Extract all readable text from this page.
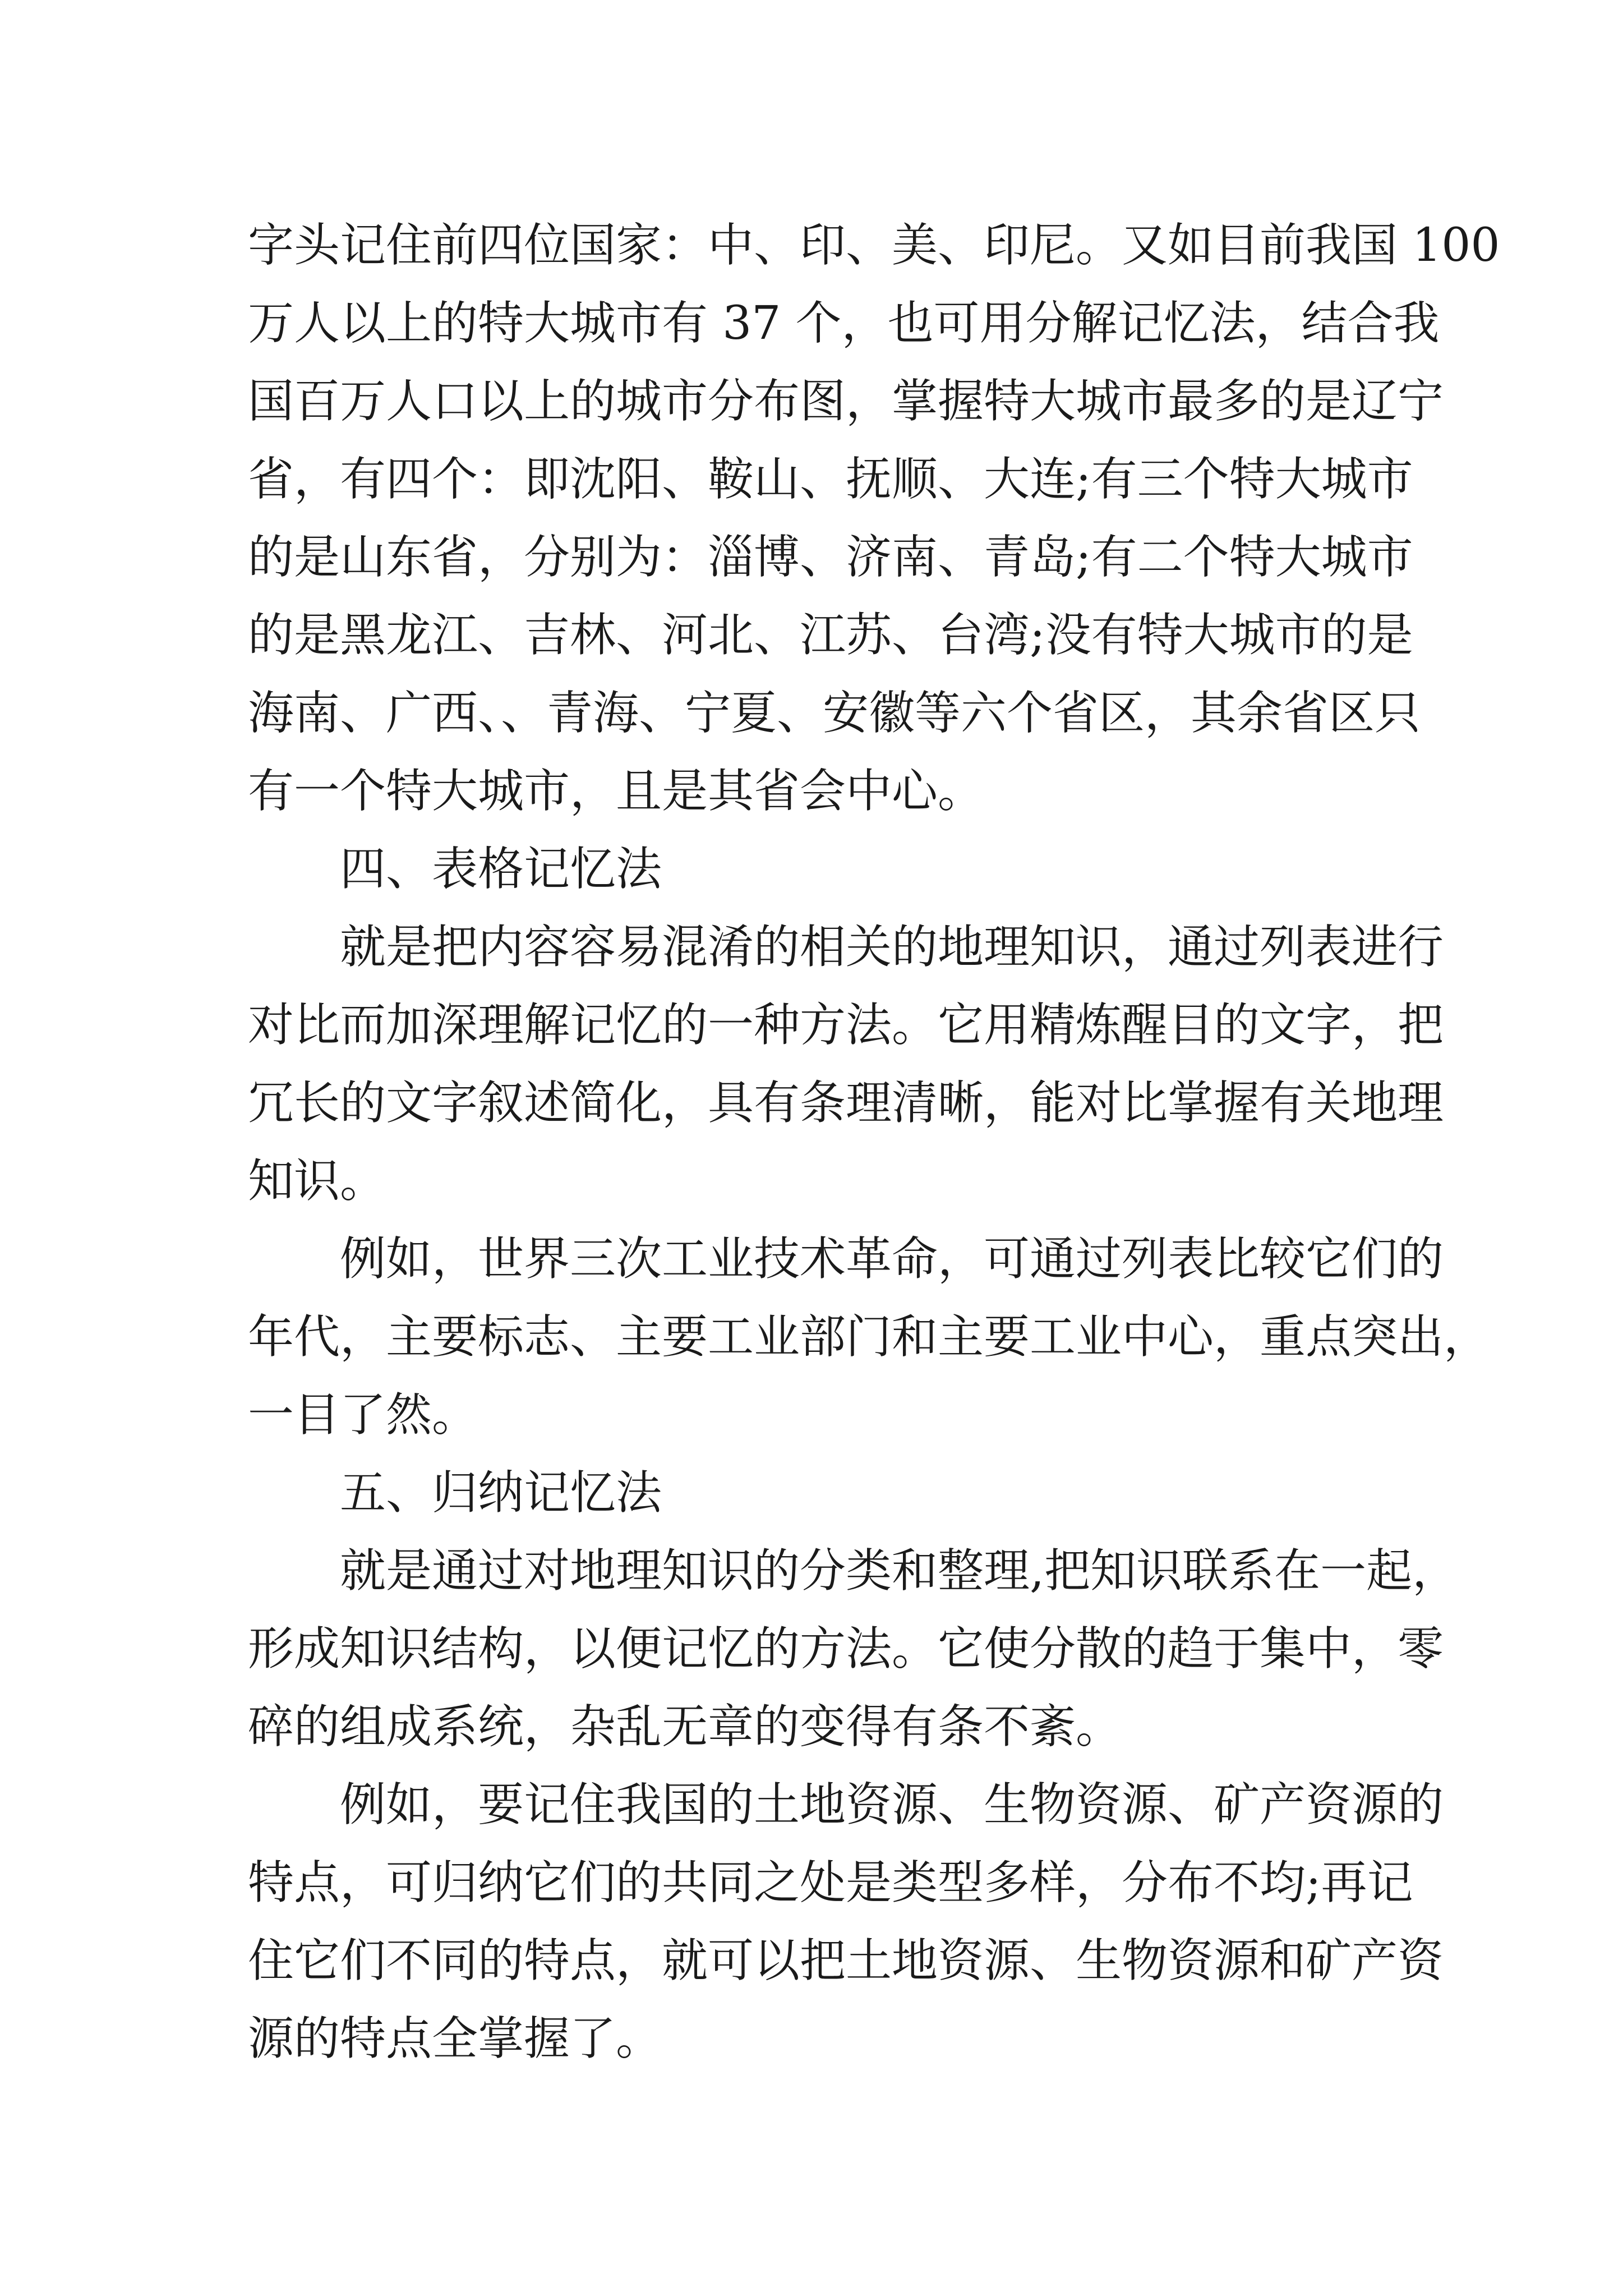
字头记住前四位国家：中、印、美、印尼。又如目前我国 100
万人以上的特大城市有 37 个，也可用分解记忆法，结合我
国百万人口以上的城市分布图，掌握特大城市最多的是辽宁
省，有四个：即沈阳、鞍山、抚顺、大连;有三个特大城市
的是山东省，分别为：淄博、济南、青岛;有二个特大城市
的是黑龙江、吉林、河北、江苏、台湾;没有特大城市的是
海南、广西、、青海、宁夏、安徽等六个省区，其余省区只
有一个特大城市，且是其省会中心。

四、表格记忆法

就是把内容容易混淆的相关的地理知识，通过列表进行
对比而加深理解记忆的一种方法。它用精炼醒目的文字，把
冗长的文字叙述简化，具有条理清晰，能对比掌握有关地理
知识。

例如，世界三次工业技术革命，可通过列表比较它们的
年代，主要标志、主要工业部门和主要工业中心，重点突出，
一目了然。

五、归纳记忆法

就是通过对地理知识的分类和整理,把知识联系在一起，
形成知识结构，以便记忆的方法。它使分散的趋于集中，零
碎的组成系统，杂乱无章的变得有条不紊。

例如，要记住我国的土地资源、生物资源、矿产资源的
特点，可归纳它们的共同之处是类型多样，分布不均;再记
住它们不同的特点，就可以把土地资源、生物资源和矿产资
源的特点全掌握了。
